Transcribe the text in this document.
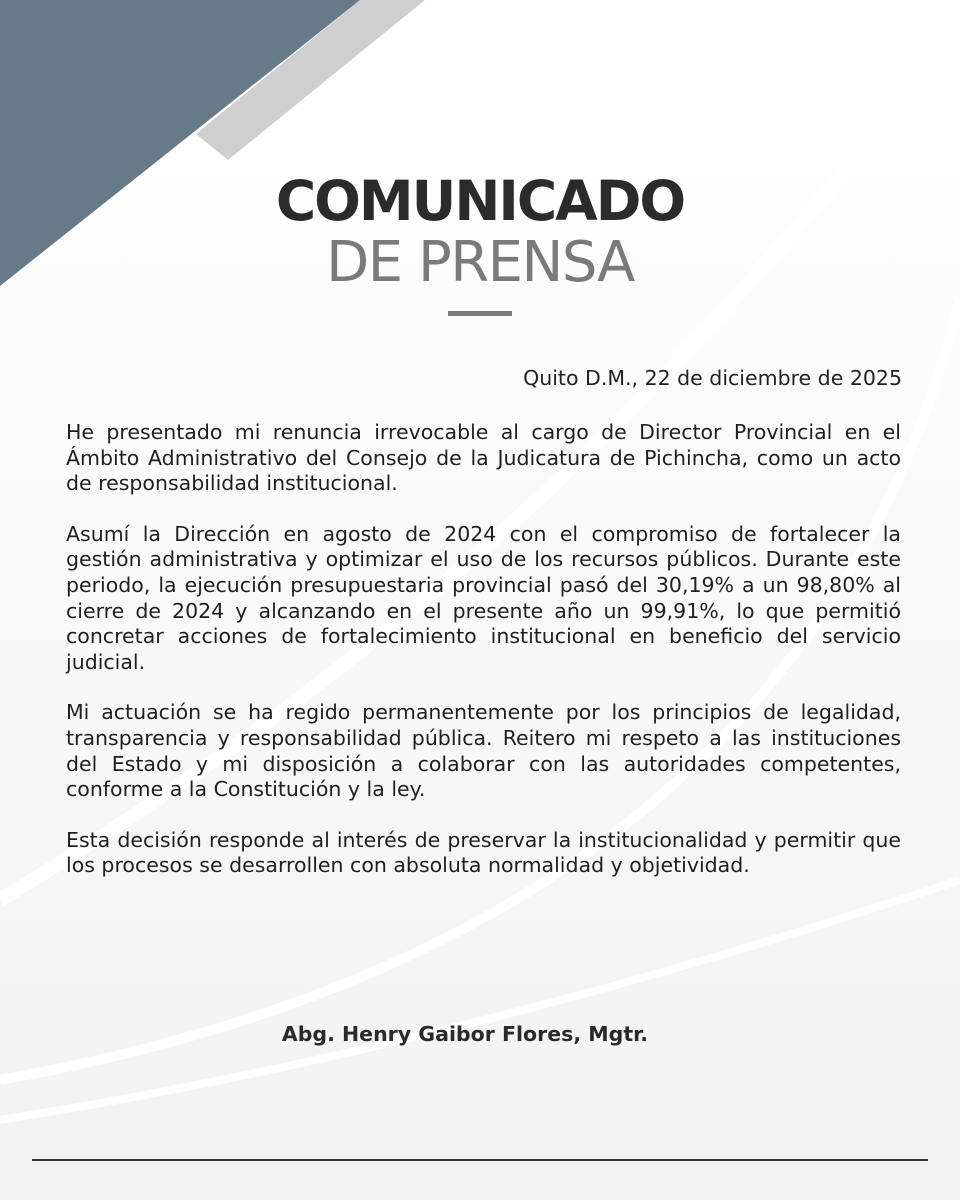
COMUNICADO
DE PRENSA
Quito D.M., 22 de diciembre de 2025

He presentado mi renuncia irrevocable al cargo de Director Provincial en el Ámbito Administrativo del Consejo de la Judicatura de Pichincha, como un acto de responsabilidad institucional.

Asumí la Dirección en agosto de 2024 con el compromiso de fortalecer la gestión administrativa y optimizar el uso de los recursos públicos. Durante este periodo, la ejecución presupuestaria provincial pasó del 30,19% a un 98,80% al cierre de 2024 y alcanzando en el presente año un 99,91%, lo que permitió concretar acciones de fortalecimiento institucional en beneficio del servicio judicial.

Mi actuación se ha regido permanentemente por los principios de legalidad, transparencia y responsabilidad pública. Reitero mi respeto a las instituciones del Estado y mi disposición a colaborar con las autoridades competentes, conforme a la Constitución y la ley.

Esta decisión responde al interés de preservar la institucionalidad y permitir que los procesos se desarrollen con absoluta normalidad y objetividad.

Abg. Henry Gaibor Flores, Mgtr.
